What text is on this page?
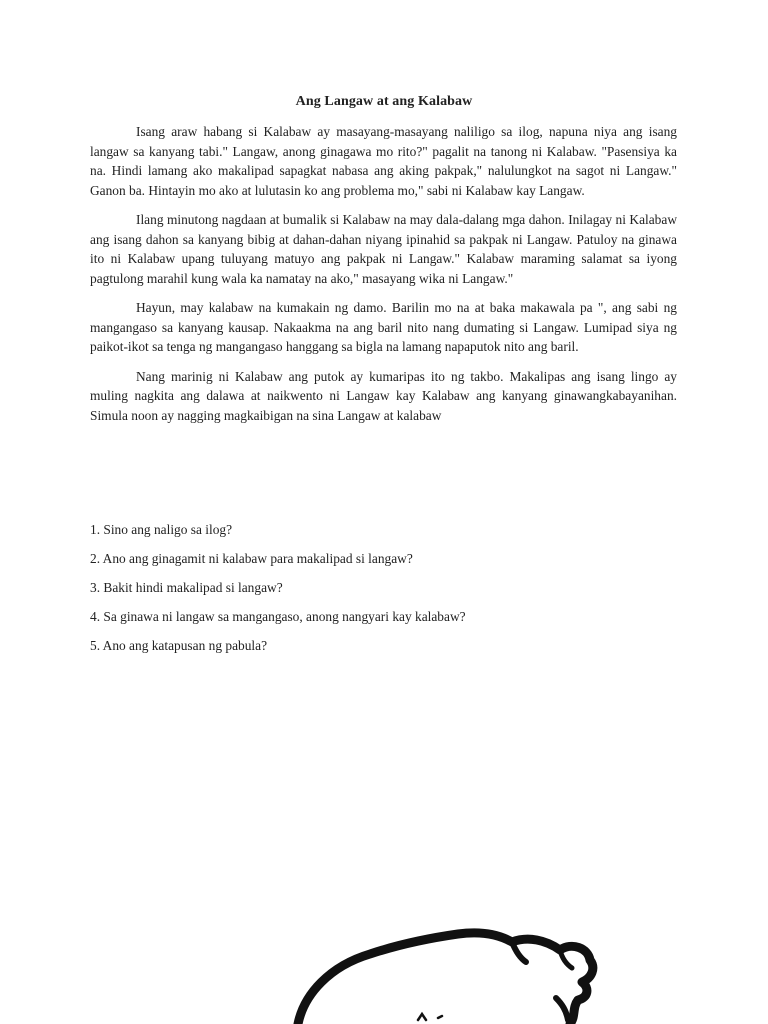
Ang Langaw at ang Kalabaw

Isang araw habang si Kalabaw ay masayang-masayang naliligo sa ilog, napuna niya ang isang langaw sa kanyang tabi." Langaw, anong ginagawa mo rito?" pagalit na tanong ni Kalabaw. "Pasensiya ka na. Hindi lamang ako makalipad sapagkat nabasa ang aking pakpak," nalulungkot na sagot ni Langaw." Ganon ba. Hintayin mo ako at lulutasin ko ang problema mo," sabi ni Kalabaw kay Langaw.

Ilang minutong nagdaan at bumalik si Kalabaw na may dala-dalang mga dahon. Inilagay ni Kalabaw ang isang dahon sa kanyang bibig at dahan-dahan niyang ipinahid sa pakpak ni Langaw. Patuloy na ginawa ito ni Kalabaw upang tuluyang matuyo ang pakpak ni Langaw." Kalabaw maraming salamat sa iyong pagtulong marahil kung wala ka namatay na ako," masayang wika ni Langaw."

Hayun, may kalabaw na kumakain ng damo. Barilin mo na at baka makawala pa ", ang sabi ng mangangaso sa kanyang kausap. Nakaakma na ang baril nito nang dumating si Langaw. Lumipad siya ng paikot-ikot sa tenga ng mangangaso hanggang sa bigla na lamang napaputok nito ang baril.

Nang marinig ni Kalabaw ang putok ay kumaripas ito ng takbo. Makalipas ang isang lingo ay muling nagkita ang dalawa at naikwento ni Langaw kay Kalabaw ang kanyang ginawangkabayanihan. Simula noon ay nagging magkaibigan na sina Langaw at kalabaw

1. Sino ang naligo sa ilog?
2. Ano ang ginagamit ni kalabaw para makalipad si langaw?
3. Bakit hindi makalipad si langaw?
4. Sa ginawa ni langaw sa mangangaso, anong nangyari kay kalabaw?
5. Ano ang katapusan ng pabula?
